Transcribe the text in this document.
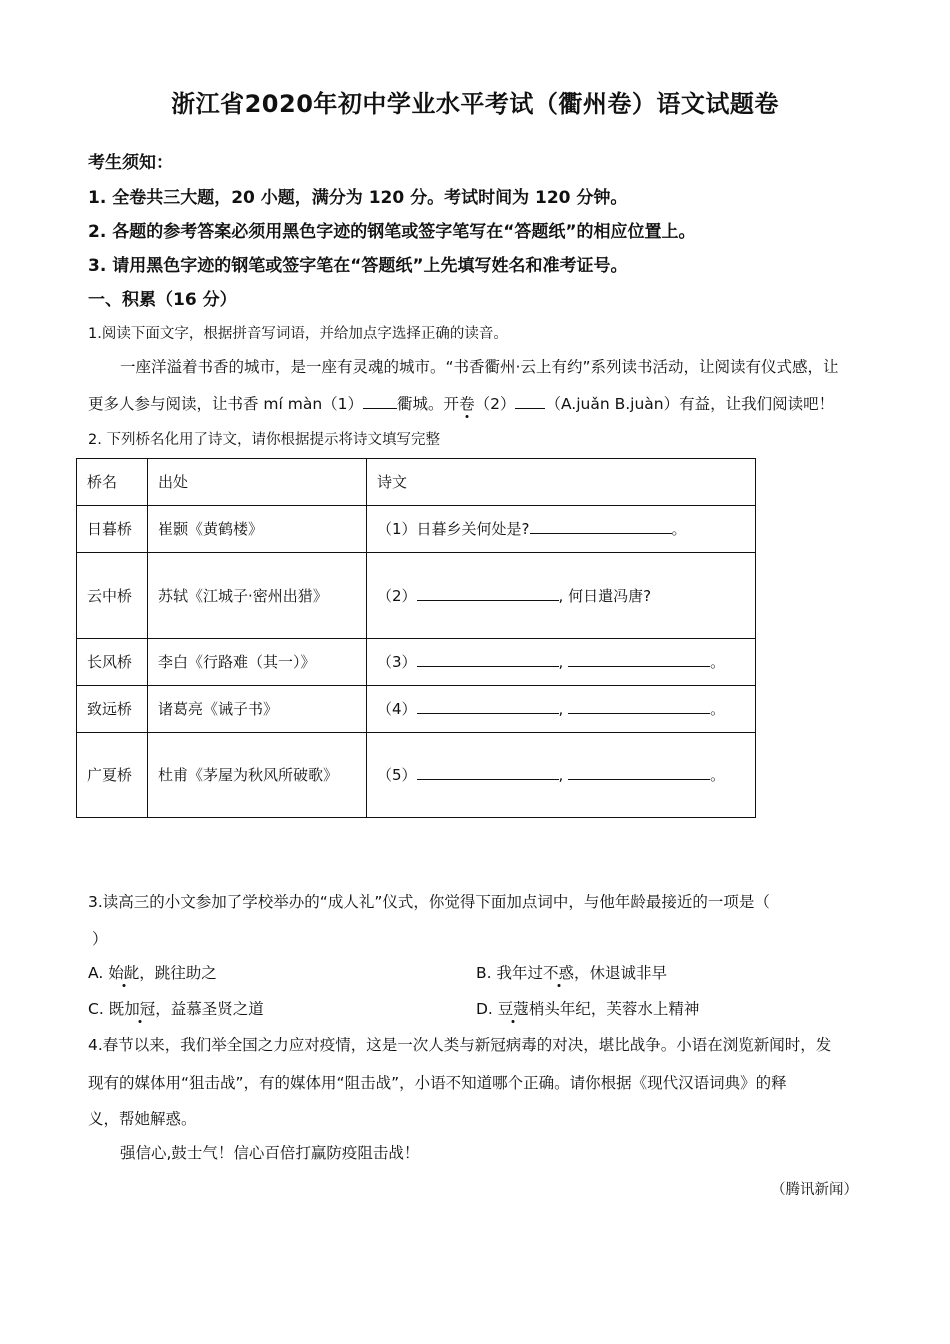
浙江省2020年初中学业水平考试（衢州卷）语文试题卷
考生须知：
1. 全卷共三大题，20 小题，满分为 120 分。考试时间为 120 分钟。
2. 各题的参考答案必须用黑色字迹的钢笔或签字笔写在“答题纸”的相应位置上。
3. 请用黑色字迹的钢笔或签字笔在“答题纸”上先填写姓名和准考证号。
一、积累（16 分）
1.阅读下面文字，根据拼音写词语，并给加点字选择正确的读音。
一座洋溢着书香的城市，是一座有灵魂的城市。“书香衢州·云上有约”系列读书活动，让阅读有仪式感，让
更多人参与阅读，让书香 mí màn（1） 衢城。开卷（2） （A.juǎn B.juàn）有益，让我们阅读吧！
2. 下列桥名化用了诗文，请你根据提示将诗文填写完整
桥名	出处	诗文
日暮桥	崔颢《黄鹤楼》	（1）日暮乡关何处是? 。
云中桥	苏轼《江城子·密州出猎》	（2） , 何日遣冯唐?
长风桥	李白《行路难（其一）》	（3） , 。
致远桥	诸葛亮《诫子书》	（4） , 。
广夏桥	杜甫《茅屋为秋风所破歌》	（5） , 。
3.读高三的小文参加了学校举办的“成人礼”仪式，你觉得下面加点词中，与他年龄最接近的一项是（
）
A. 始龀，跳往助之	B. 我年过不惑，休退诚非早
C. 既加冠，益慕圣贤之道	D. 豆蔻梢头年纪，芙蓉水上精神
4.春节以来，我们举全国之力应对疫情，这是一次人类与新冠病毒的对决，堪比战争。小语在浏览新闻时，发
现有的媒体用“狙击战”，有的媒体用“阻击战”，小语不知道哪个正确。请你根据《现代汉语词典》的释
义，帮她解惑。
强信心,鼓士气！信心百倍打赢防疫阻击战！
（腾讯新闻）
